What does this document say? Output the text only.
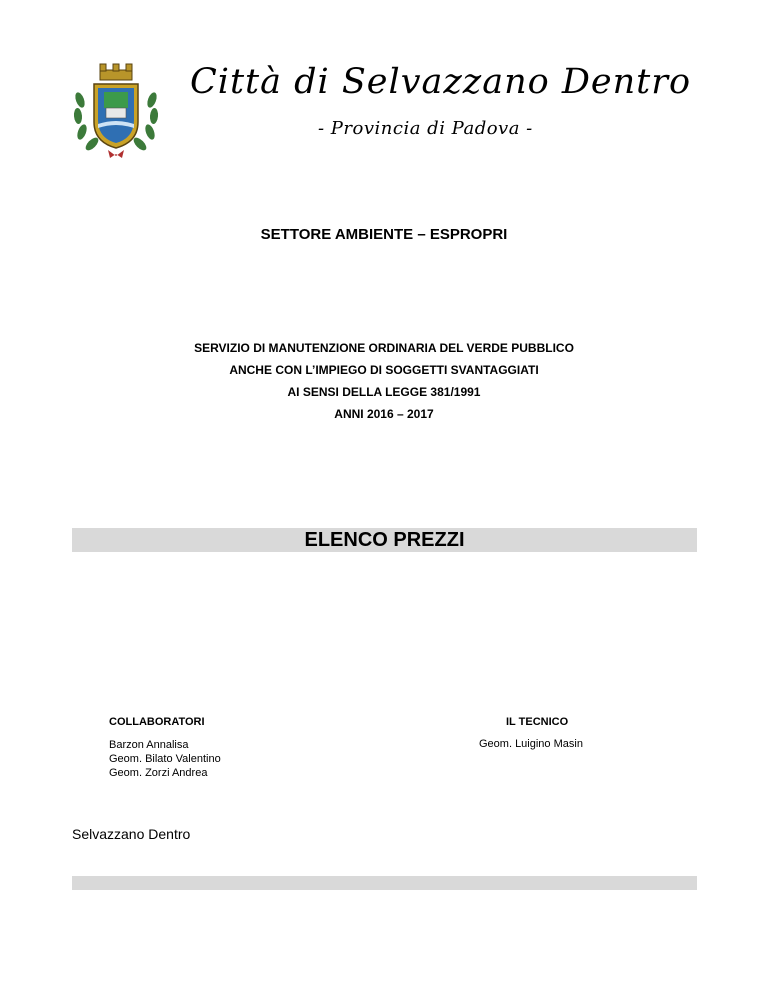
Città di Selvazzano Dentro
- Provincia di Padova -
SETTORE AMBIENTE – ESPROPRI
SERVIZIO DI MANUTENZIONE ORDINARIA DEL VERDE PUBBLICO
ANCHE CON L’IMPIEGO DI SOGGETTI SVANTAGGIATI
AI SENSI DELLA LEGGE 381/1991
ANNI 2016 – 2017
ELENCO PREZZI
COLLABORATORI
Barzon Annalisa
Geom. Bilato Valentino
Geom. Zorzi Andrea
IL TECNICO
Geom. Luigino Masin
Selvazzano Dentro
